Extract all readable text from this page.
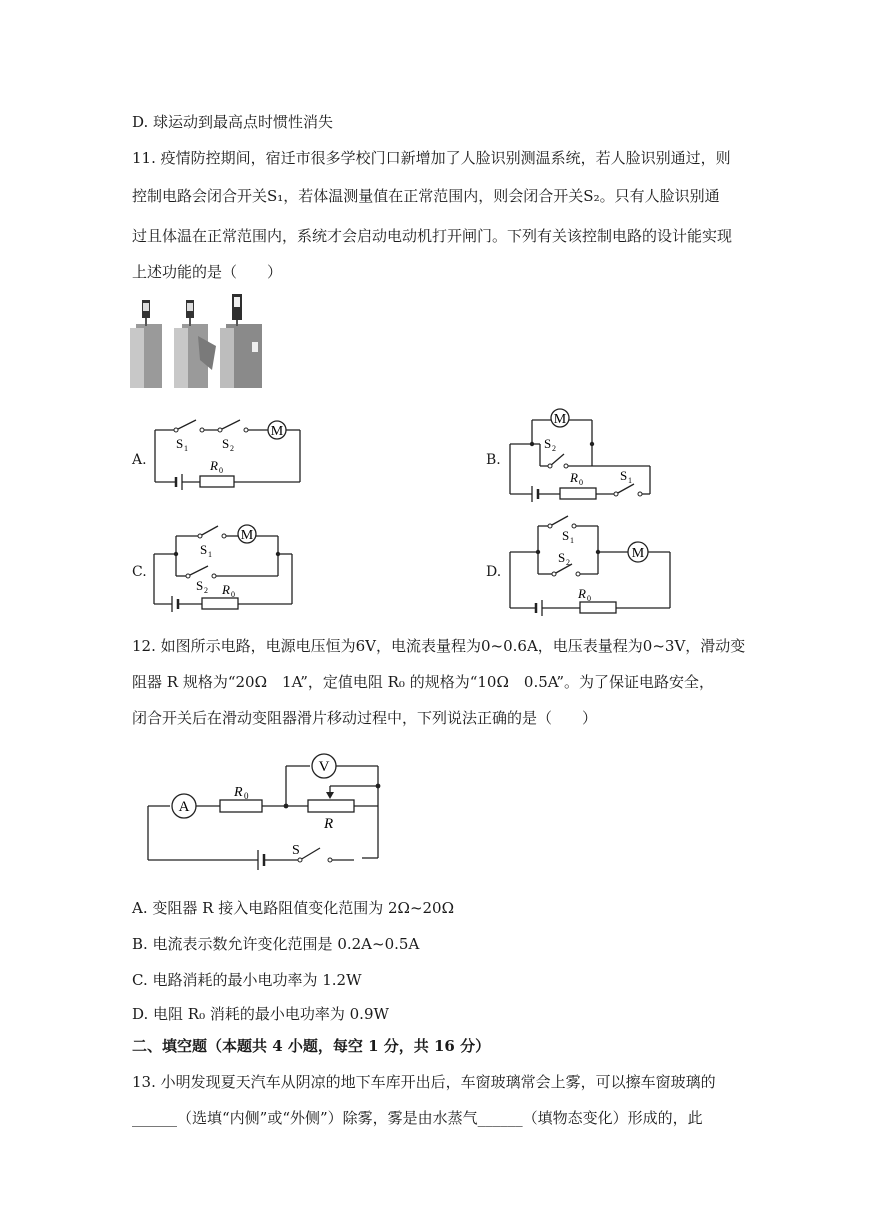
D. 球运动到最高点时惯性消失
11. 疫情防控期间，宿迁市很多学校门口新增加了人脸识别测温系统，若人脸识别通过，则
控制电路会闭合开关S₁，若体温测量值在正常范围内，则会闭合开关S₂。只有人脸识别通
过且体温在正常范围内，系统才会启动电动机打开闸门。下列有关该控制电路的设计能实现
上述功能的是（　　）
A.
M
S 1	S 2
R 0
B.
M
S 2
R 0	S 1
C.
M
S 1
S 2 R 0
D.
M
S 1
S 2
R 0
12. 如图所示电路，电源电压恒为6V，电流表量程为0~0.6A，电压表量程为0~3V，滑动变
阻器 R 规格为“20Ω　1A”，定值电阻 R₀ 的规格为“10Ω　0.5A”。为了保证电路安全，
闭合开关后在滑动变阻器滑片移动过程中，下列说法正确的是（　　）
A
V
R 0
R
S
A. 变阻器 R 接入电路阻值变化范围为 2Ω~20Ω
B. 电流表示数允许变化范围是 0.2A~0.5A
C. 电路消耗的最小电功率为 1.2W
D. 电阻 R₀ 消耗的最小电功率为 0.9W
二、填空题（本题共 4 小题，每空 1 分，共 16 分）
13. 小明发现夏天汽车从阴凉的地下车库开出后，车窗玻璃常会上雾，可以擦车窗玻璃的
______（选填“内侧”或“外侧”）除雾，雾是由水蒸气______（填物态变化）形成的，此
